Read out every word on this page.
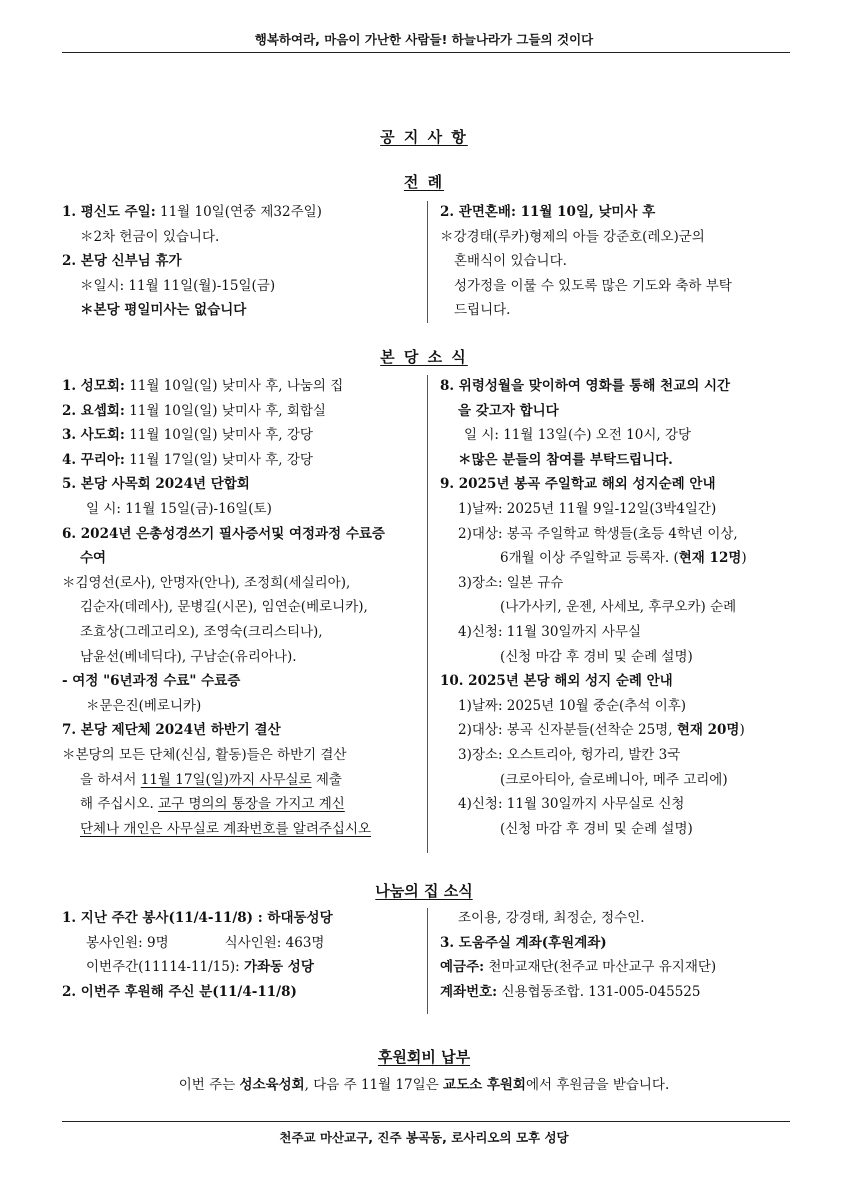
행복하여라, 마음이 가난한 사람들! 하늘나라가 그들의 것이다
공 지 사 항
전 례
1. 평신도 주일: 11월 10일(연중 제32주일)
＊2차 헌금이 있습니다.
2. 본당 신부님 휴가
＊일시: 11월 11일(월)-15일(금)
＊본당 평일미사는 없습니다
2. 관면혼배: 11월 10일, 낮미사 후
＊강경태(루카)형제의 아들 강준호(레오)군의
혼배식이 있습니다.
성가정을 이룰 수 있도록 많은 기도와 축하 부탁
드립니다.
본 당 소 식
1. 성모회: 11월 10일(일) 낮미사 후, 나눔의 집
2. 요셉회: 11월 10일(일) 낮미사 후, 회합실
3. 사도회: 11월 10일(일) 낮미사 후, 강당
4. 꾸리아: 11월 17일(일) 낮미사 후, 강당
5. 본당 사목회 2024년 단합회
일 시: 11월 15일(금)-16일(토)
6. 2024년 은총성경쓰기 필사증서및 여정과정 수료증
수여
＊김영선(로사), 안명자(안나), 조정희(세실리아),
김순자(데레사), 문병길(시몬), 임연순(베로니카),
조효상(그레고리오), 조영숙(크리스티나),
남윤선(베네딕다), 구남순(유리아나).
- 여정 "6년과정 수료" 수료증
＊문은진(베로니카)
7. 본당 제단체 2024년 하반기 결산
＊본당의 모든 단체(신심, 활동)들은 하반기 결산
을 하셔서 11월 17일(일)까지 사무실로 제출
해 주십시오. 교구 명의의 통장을 가지고 계신
단체나 개인은 사무실로 계좌번호를 알려주십시오
8. 위령성월을 맞이하여 영화를 통해 천교의 시간
을 갖고자 합니다
일 시: 11월 13일(수) 오전 10시, 강당
＊많은 분들의 참여를 부탁드립니다.
9. 2025년 봉곡 주일학교 해외 성지순례 안내
1)날짜: 2025년 11월 9일-12일(3박4일간)
2)대상: 봉곡 주일학교 학생들(초등 4학년 이상,
6개월 이상 주일학교 등록자. (현재 12명)
3)장소: 일본 규슈
(나가사키, 운젠, 사세보, 후쿠오카) 순례
4)신청: 11월 30일까지 사무실
(신청 마감 후 경비 및 순례 설명)
10. 2025년 본당 해외 성지 순례 안내
1)날짜: 2025년 10월 중순(추석 이후)
2)대상: 봉곡 신자분들(선착순 25명, 현재 20명)
3)장소: 오스트리아, 헝가리, 발칸 3국
(크로아티아, 슬로베니아, 메주 고리에)
4)신청: 11월 30일까지 사무실로 신청
(신청 마감 후 경비 및 순례 설명)
나눔의 집 소식
1. 지난 주간 봉사(11/4-11/8) : 하대동성당
봉사인원: 9명	식사인원: 463명
이번주간(11114-11/15): 가좌동 성당
2. 이번주 후원해 주신 분(11/4-11/8)
조이용, 강경태, 최정순, 정수인.
3. 도움주실 계좌(후원계좌)
예금주: 천마교재단(천주교 마산교구 유지재단)
계좌번호: 신용협동조합. 131-005-045525
후원회비 납부
이번 주는 성소육성회, 다음 주 11월 17일은 교도소 후원회에서 후원금을 받습니다.
천주교 마산교구, 진주 봉곡동, 로사리오의 모후 성당
